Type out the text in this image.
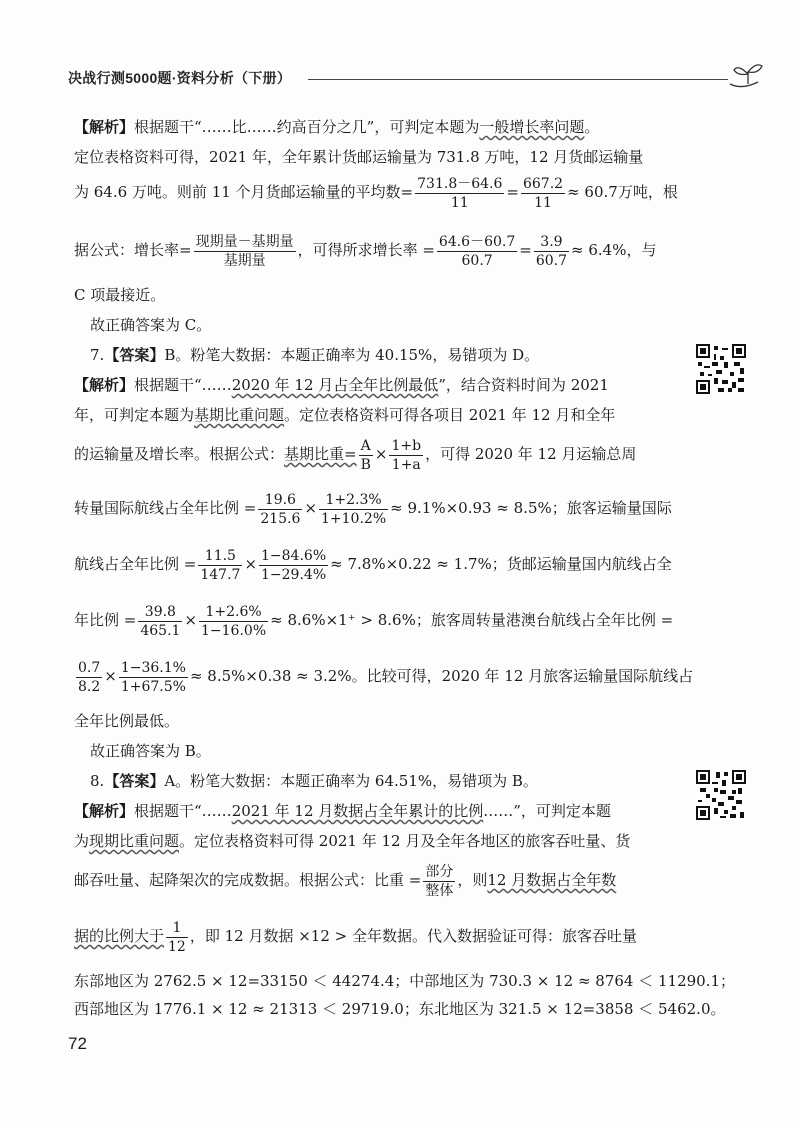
决战行测5000题·资料分析（下册）
【解析】根据题干“……比……约高百分之几”，可判定本题为一般增长率问题。
定位表格资料可得，2021 年，全年累计货邮运输量为 731.8 万吨，12 月货邮运输量
为 64.6 万吨。则前 11 个月货邮运输量的平均数= $\frac{731.8-64.6}{11} = \frac{667.2}{11} \approx 60.7$万吨，根
据公式：增长率= $\frac{\text{现期量－基期量}}{\text{基期量}}$ ，可得所求增长率 = $\frac{64.6-60.7}{60.7} = \frac{3.9}{60.7} \approx 6.4\%$，与
C 项最接近。
故正确答案为 C。
7.【答案】B。粉笔大数据：本题正确率为 40.15%，易错项为 D。
【解析】根据题干“……2020 年 12 月占全年比例最低”，结合资料时间为 2021
年，可判定本题为基期比重问题。定位表格资料可得各项目 2021 年 12 月和全年
的运输量及增长率。根据公式：基期比重= $\frac{A}{B} \times \frac{1+b}{1+a}$ ，可得 2020 年 12 月运输总周
转量国际航线占全年比例 = $\frac{19.6}{215.6} \times \frac{1+2.3\%}{1+10.2\%} \approx 9.1\%\times 0.93 \approx 8.5\%$；旅客运输量国际
航线占全年比例 = $\frac{11.5}{147.7} \times \frac{1-84.6\%}{1-29.4\%} \approx 7.8\%\times 0.22 \approx 1.7\%$；货邮运输量国内航线占全
年比例 = $\frac{39.8}{465.1} \times \frac{1+2.6\%}{1-16.0\%} \approx 8.6\%\times 1^+ > 8.6\%$；旅客周转量港澳台航线占全年比例 =
$\frac{0.7}{8.2} \times \frac{1-36.1\%}{1+67.5\%} \approx 8.5\%\times 0.38 \approx 3.2\%$。比较可得，2020 年 12 月旅客运输量国际航线占
全年比例最低。
故正确答案为 B。
8.【答案】A。粉笔大数据：本题正确率为 64.51%，易错项为 B。
【解析】根据题干“……2021 年 12 月数据占全年累计的比例……”，可判定本题
为现期比重问题。定位表格资料可得 2021 年 12 月及全年各地区的旅客吞吐量、货
邮吞吐量、起降架次的完成数据。根据公式：比重 = $\frac{\text{部分}}{\text{整体}}$ ，则12 月数据占全年数
据的比例大于 $\frac{1}{12}$ ，即 12 月数据 ×12 > 全年数据。代入数据验证可得：旅客吞吐量
东部地区为 2762.5 × 12=33150 ＜ 44274.4；中部地区为 730.3 × 12 ≈ 8764 ＜ 11290.1；
西部地区为 1776.1 × 12 ≈ 21313 ＜ 29719.0；东北地区为 321.5 × 12=3858 ＜ 5462.0。
72
